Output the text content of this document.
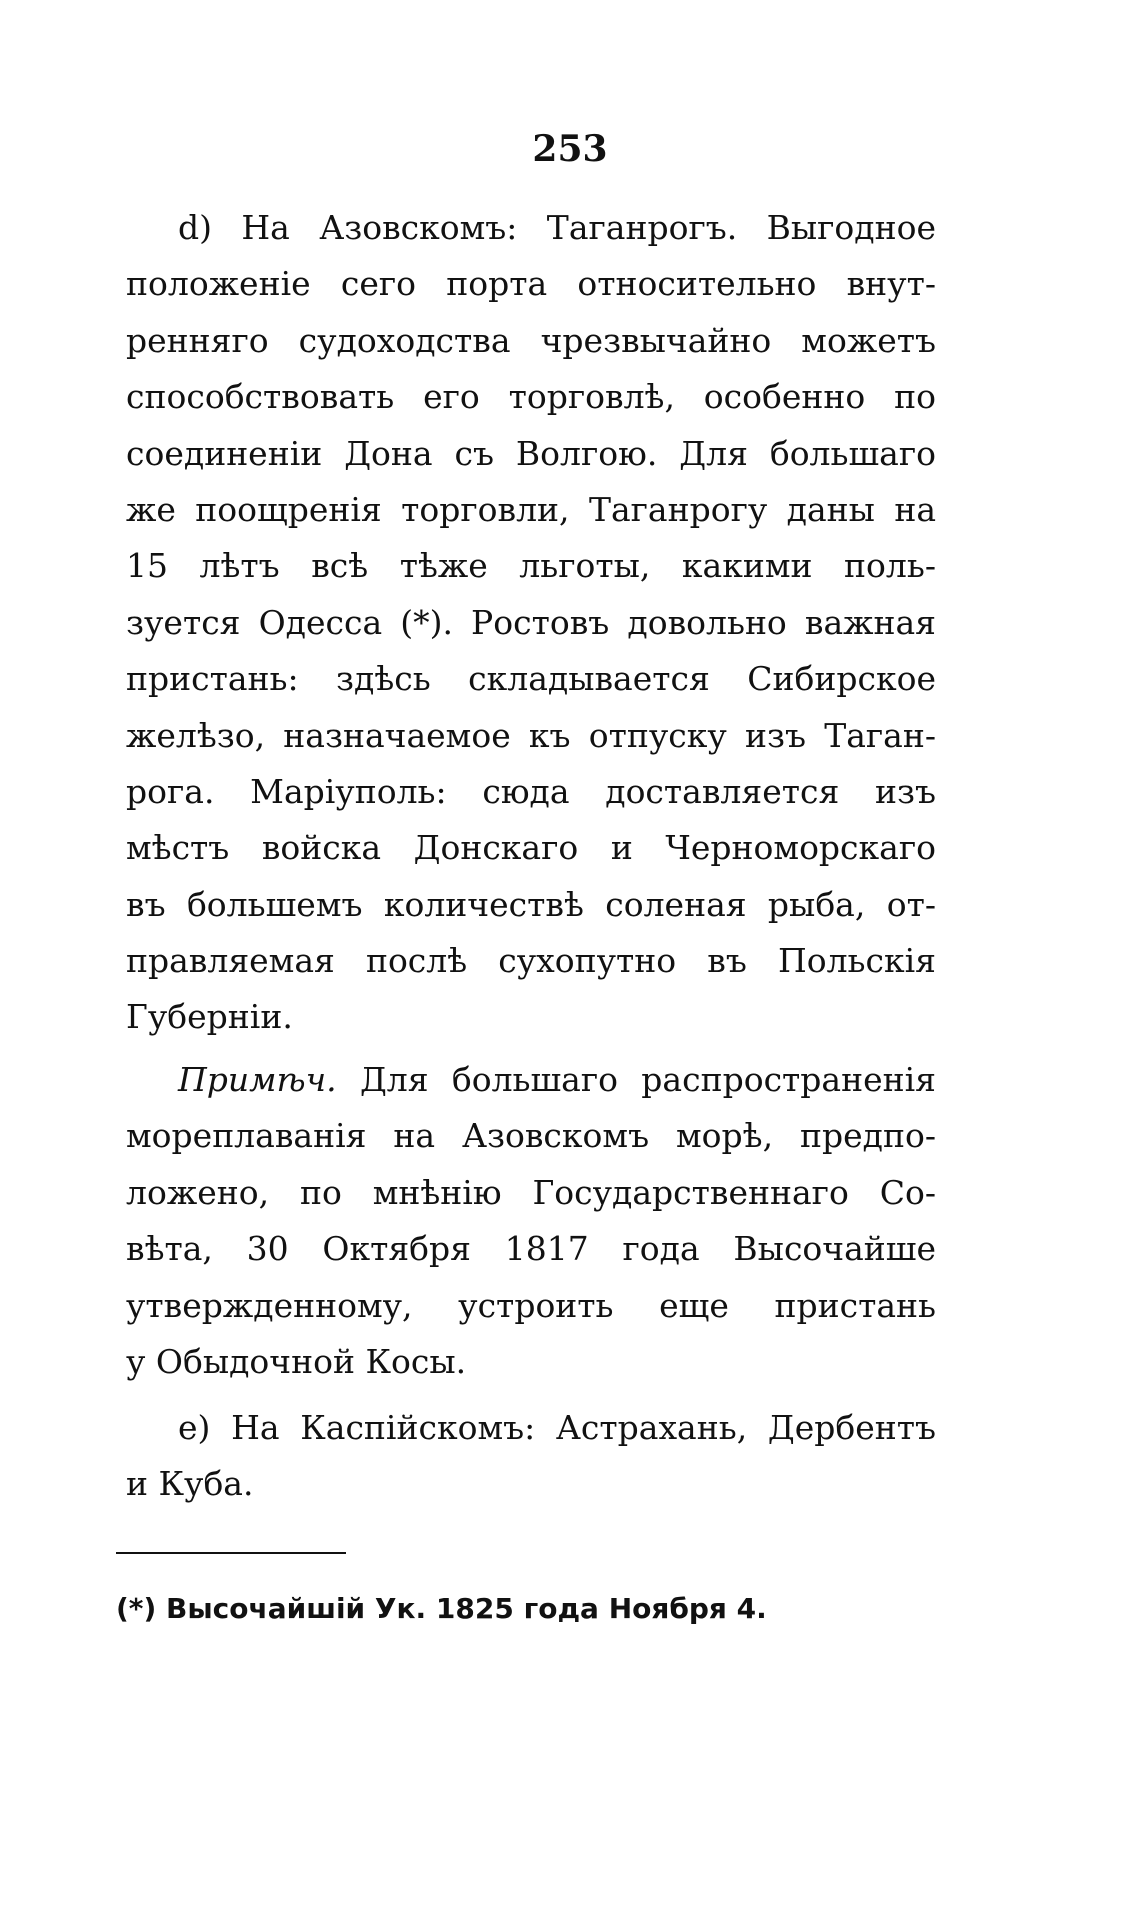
253
d) На Азовскомъ: Таганрогъ. Выгодное
положеніе сего порта относительно внут-
ренняго судоходства чрезвычайно можетъ
способствовать его торговлѣ, особенно по
соединеніи Дона съ Волгою. Для большаго
же поощренія торговли, Таганрогу даны на
15 лѣтъ всѣ тѣже льготы, какими поль-
зуется Одесса (*). Ростовъ довольно важная
пристань: здѣсь складывается Сибирское
желѣзо, назначаемое къ отпуску изъ Таган-
рога. Маріуполь: сюда доставляется изъ
мѣстъ войска Донскаго и Черноморскаго
въ большемъ количествѣ соленая рыба, от-
правляемая послѣ сухопутно въ Польскія
Губерніи.
Примѣч. Для большаго распространенія
мореплаванія на Азовскомъ морѣ, предпо-
ложено, по мнѣнію Государственнаго Со-
вѣта, 30 Октября 1817 года Высочайше
утвержденному, устроить еще пристань
у Обыдочной Косы.
e) На Каспійскомъ: Астрахань, Дербентъ
и Куба.
(*) Высочайшій Ук. 1825 года Ноября 4.
